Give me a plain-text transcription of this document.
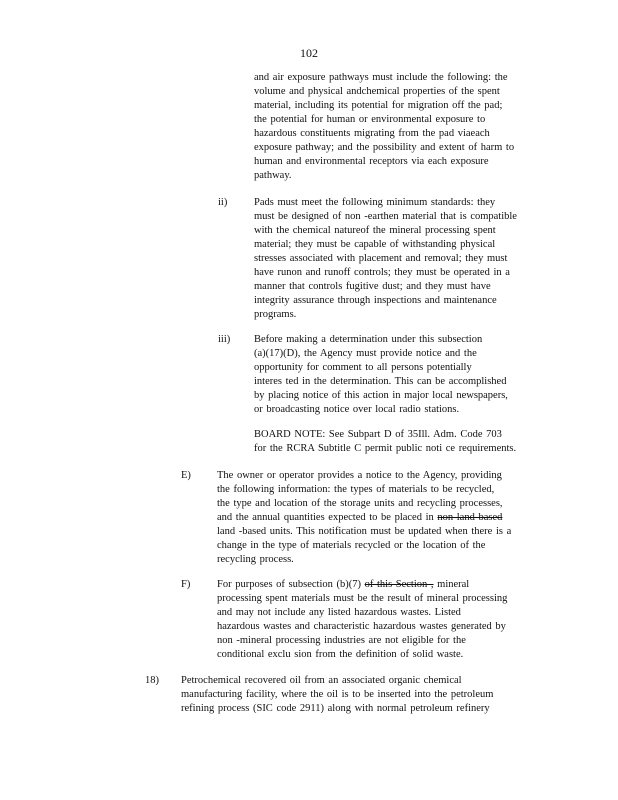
102
and air exposure pathways must include the following: the
volume and physical andchemical properties of the spent
material, including its potential for migration off the pad;
the potential for human or environmental exposure to
hazardous constituents migrating from the pad viaeach
exposure pathway; and the possibility and extent of harm to
human and environmental receptors via each exposure
pathway.
ii)	Pads must meet the following minimum standards: they
must be designed of non -earthen material that is compatible
with the chemical natureof the mineral processing spent
material; they must be capable of withstanding physical
stresses associated with placement and removal; they must
have runon and runoff controls; they must be operated in a
manner that controls fugitive dust; and they must have
integrity assurance through inspections and maintenance
programs.
iii) Before making a determination under this subsection
(a)(17)(D), the Agency must provide notice and the
opportunity for comment to all persons potentially
interes ted in the determination. This can be accomplished
by placing notice of this action in major local newspapers,
or broadcasting notice over local radio stations.
BOARD NOTE: See Subpart D of 35Ill. Adm. Code 703
for the RCRA Subtitle C permit public noti ce requirements.
E) The owner or operator provides a notice to the Agency, providing
the following information: the types of materials to be recycled,
the type and location of the storage units and recycling processes,
and the annual quantities expected to be placed in non land based
land -based units. This notification must be updated when there is a
change in the type of materials recycled or the location of the
recycling process.
F)	For purposes of subsection (b)(7) of this Section , mineral
processing spent materials must be the result of mineral processing
and may not include any listed hazardous wastes. Listed
hazardous wastes and characteristic hazardous wastes generated by
non -mineral processing industries are not eligible for the
conditional exclu sion from the definition of solid waste.
18) Petrochemical recovered oil from an associated organic chemical
manufacturing facility, where the oil is to be inserted into the petroleum
refining process (SIC code 2911) along with normal petroleum refinery
